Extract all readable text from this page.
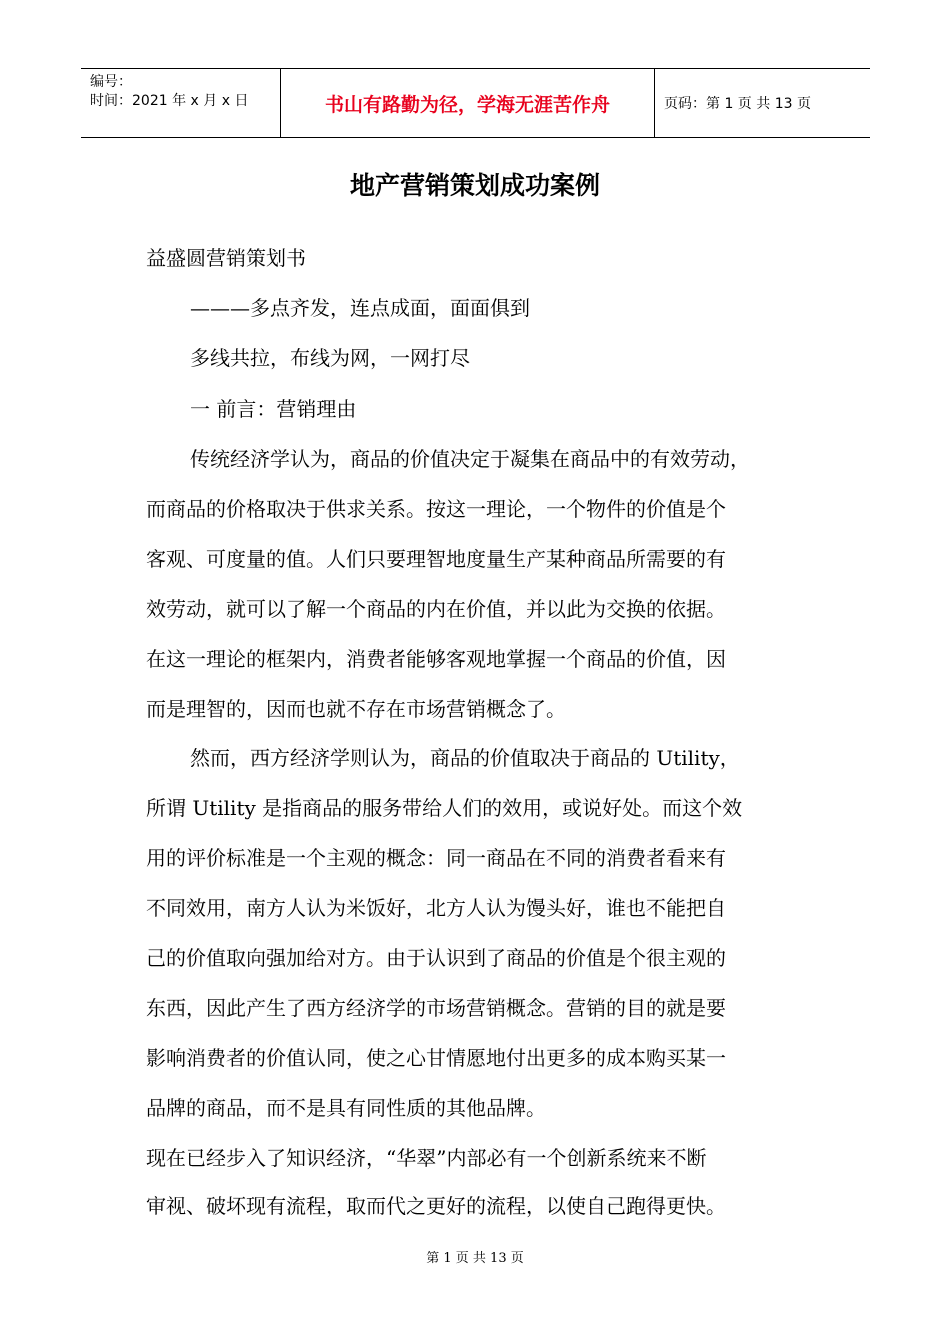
编号：
时间：2021 年 x 月 x 日	书山有路勤为径，学海无涯苦作舟	页码：第 1 页 共 13 页
地产营销策划成功案例
益盛圆营销策划书
———多点齐发，连点成面，面面俱到
多线共拉，布线为网，一网打尽
一 前言：营销理由
传统经济学认为，商品的价值决定于凝集在商品中的有效劳动，
而商品的价格取决于供求关系。按这一理论，一个物件的价值是个
客观、可度量的值。人们只要理智地度量生产某种商品所需要的有
效劳动，就可以了解一个商品的内在价值，并以此为交换的依据。
在这一理论的框架内，消费者能够客观地掌握一个商品的价值，因
而是理智的，因而也就不存在市场营销概念了。
然而，西方经济学则认为，商品的价值取决于商品的 Utility，
所谓 Utility 是指商品的服务带给人们的效用，或说好处。而这个效
用的评价标准是一个主观的概念：同一商品在不同的消费者看来有
不同效用，南方人认为米饭好，北方人认为馒头好，谁也不能把自
己的价值取向强加给对方。由于认识到了商品的价值是个很主观的
东西，因此产生了西方经济学的市场营销概念。营销的目的就是要
影响消费者的价值认同，使之心甘情愿地付出更多的成本购买某一
品牌的商品，而不是具有同性质的其他品牌。
现在已经步入了知识经济，“华翠”内部必有一个创新系统来不断
审视、破坏现有流程，取而代之更好的流程，以使自己跑得更快。
第 1 页 共 13 页
